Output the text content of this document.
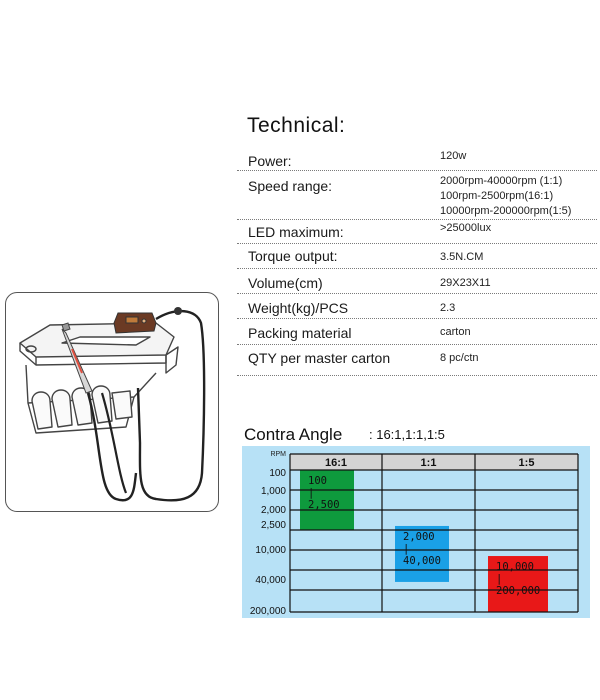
Technical:
Power:	120w
Speed range:	2000rpm-40000rpm (1:1)
100rpm-2500rpm(16:1)
10000rpm-200000rpm(1:5)
LED maximum:	>25000lux
Torque output:	3.5N.CM
Volume(cm)	29X23X11
Weight(kg)/PCS	2.3
Packing material	carton
QTY per master carton	8 pc/ctn
Contra Angle : 16:1,1:1,1:5
RPM
16:1	1:1	1:5
100
1,000
2,000
2,500
10,000
40,000
200,000
100
|
2,500
2,000
|
40,000
10,000
|
200,000
